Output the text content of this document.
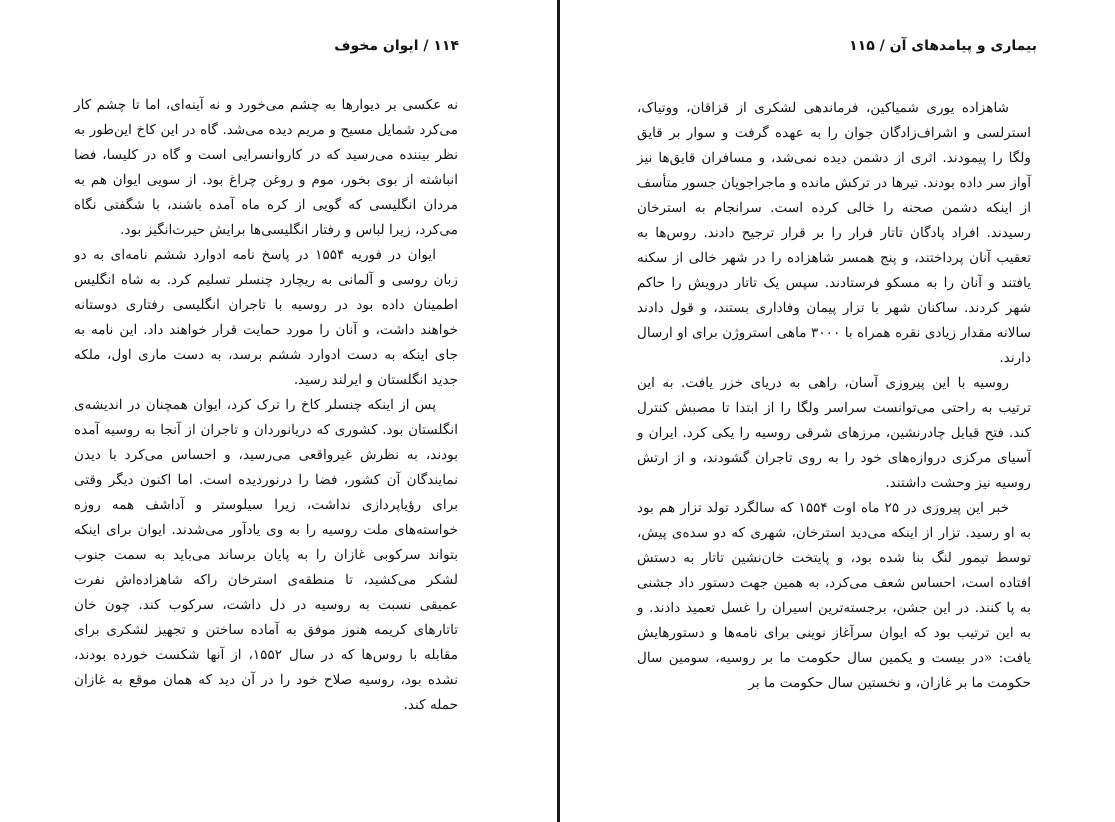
۱۱۴ / ایوان مخوف

نه عکسی بر دیوارها به چشم می‌خورد و نه آینه‌ای، اما تا چشم کار می‌کرد شمایل مسیح و مریم دیده می‌شد. گاه در این کاخ این‌طور به نظر بیننده می‌رسید که در کاروانسرایی است و گاه در کلیسا، فضا انباشته از بوی بخور، موم و روغن چراغ بود. از سویی ایوان هم به مردان انگلیسی که گویی از کره ماه آمده باشند، با شگفتی نگاه می‌کرد، زیرا لباس و رفتار انگلیسی‌ها برایش حیرت‌انگیز بود.

ایوان در فوریه ۱۵۵۴ در پاسخ نامه ادوارد ششم نامه‌ای به دو زبان روسی و آلمانی به ریچارد چنسلر تسلیم کرد. به شاه انگلیس اطمینان داده بود در روسیه با تاجران انگلیسی رفتاری دوستانه خواهند داشت، و آنان را مورد حمایت قرار خواهند داد. این نامه به جای اینکه به دست ادوارد ششم برسد، به دست ماری اول، ملکه جدید انگلستان و ایرلند رسید.

پس از اینکه چنسلر کاخ را ترک کرد، ایوان همچنان در اندیشه‌ی انگلستان بود. کشوری که دریانوردان و تاجران از آنجا به روسیه آمده بودند، به نظرش غیرواقعی می‌رسید، و احساس می‌کرد با دیدن نمایندگان آن کشور، فضا را درنوردیده است. اما اکنون دیگر وقتی برای رؤیاپردازی نداشت، زیرا سیلوستر و آداشف همه روزه خواسته‌های ملت روسیه را به وی یادآور می‌شدند. ایوان برای اینکه بتواند سرکوبی غازان را به پایان برساند می‌باید به سمت جنوب لشکر می‌کشید، تا منطقه‌ی استرخان راکه شاهزاده‌اش نفرت عمیقی نسبت به روسیه در دل داشت، سرکوب کند. چون خان تاتارهای کریمه هنوز موفق به آماده ساختن و تجهیز لشکری برای مقابله با روس‌ها که در سال ۱۵۵۲، از آنها شکست خورده بودند، نشده بود، روسیه صلاح خود را در آن دید که همان موقع به غازان حمله کند.

بیماری و پیامدهای آن / ۱۱۵

شاهزاده یوری شمیاکین، فرماندهی لشکری از قزاقان، ووتیاک، استرلسی و اشراف‌زادگان جوان را به عهده گرفت و سوار بر قایق ولگا را پیمودند. اثری از دشمن دیده نمی‌شد، و مسافران قایق‌ها نیز آواز سر داده بودند. تیرها در ترکش مانده و ماجراجویان جسور متأسف از اینکه دشمن صحنه را خالی کرده است. سرانجام به استرخان رسیدند. افراد پادگان تاتار فرار را بر قرار ترجیح دادند. روس‌ها به تعقیب آنان پرداختند، و پنج همسر شاهزاده را در شهر خالی از سکنه یافتند و آنان را به مسکو فرستادند. سپس یک تاتار درویش را حاکم شهر کردند. ساکنان شهر با تزار پیمان وفاداری بستند، و قول دادند سالانه مقدار زیادی نقره همراه با ۳۰۰۰ ماهی استروژن برای او ارسال دارند.

روسیه با این پیروزی آسان، راهی به دریای خزر یافت. به این ترتیب به راحتی می‌توانست سراسر ولگا را از ابتدا تا مصبش کنترل کند. فتح قبایل چادرنشین، مرزهای شرقی روسیه را یکی کرد. ایران و آسیای مرکزی دروازه‌های خود را به روی تاجران گشودند، و از ارتش روسیه نیز وحشت داشتند.

خبر این پیروزی در ۲۵ ماه اوت ۱۵۵۴ که سالگرد تولد تزار هم بود به او رسید. تزار از اینکه می‌دید استرخان، شهری که دو سده‌ی پیش، توسط تیمور لنگ بنا شده بود، و پایتخت خان‌نشین تاتار به دستش افتاده است، احساس شعف می‌کرد، به همین جهت دستور داد جشنی به پا کنند. در این جشن، برجسته‌ترین اسیران را غسل تعمید دادند. و به این ترتیب بود که ایوان سرآغاز نوینی برای نامه‌ها و دستورهایش یافت: «در بیست و یکمین سال حکومت ما بر روسیه، سومین سال حکومت ما بر غازان، و نخستین سال حکومت ما بر
